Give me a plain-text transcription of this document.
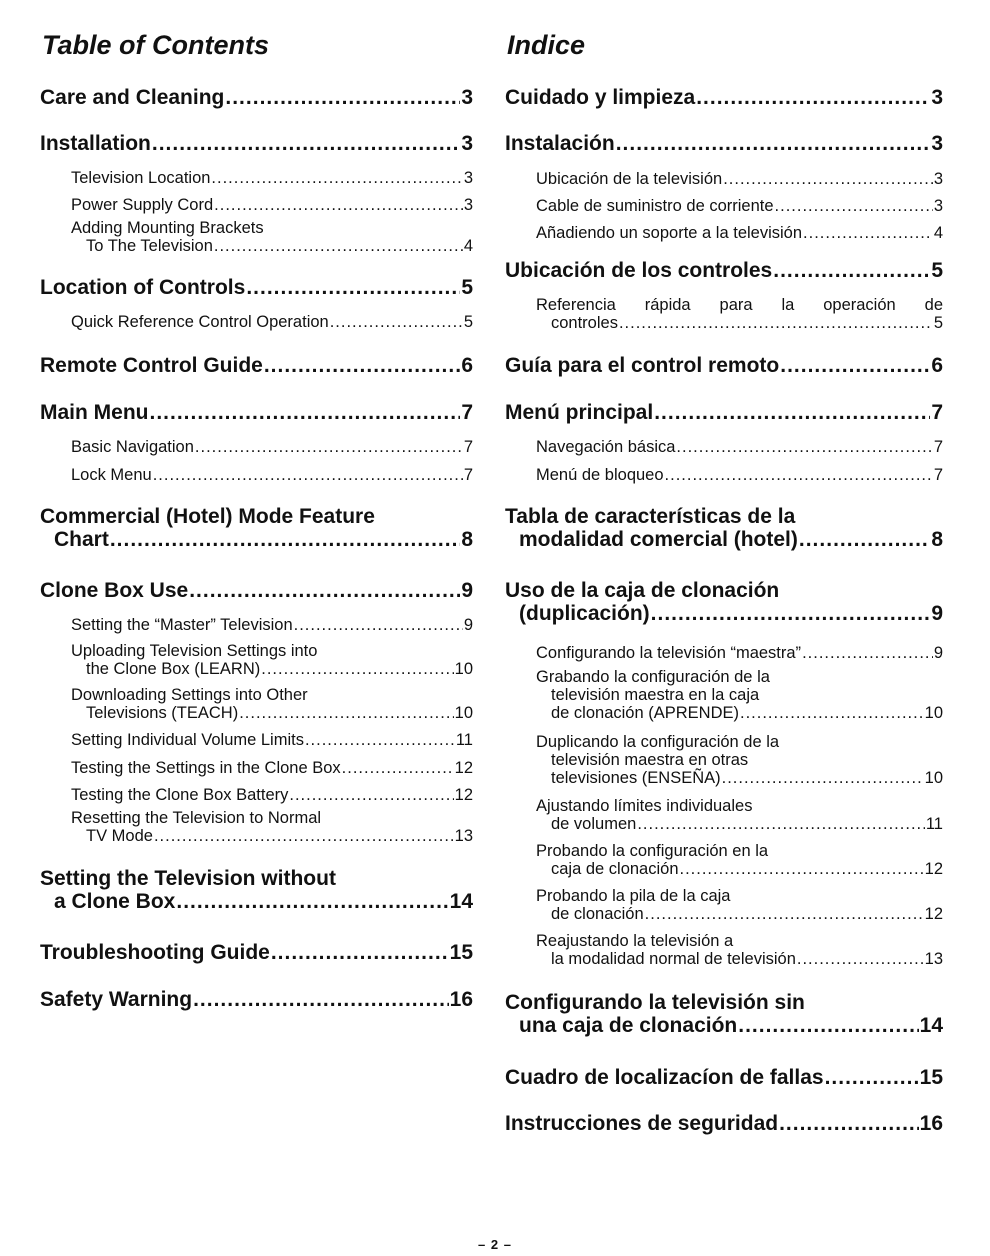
Table of Contents
Care and Cleaning .....	3
Installation .....	3
Television Location .....	3
Power Supply Cord .....	3
Adding Mounting Brackets
To The Television .....	4
Location of Controls .....	5
Quick Reference Control Operation .....	5
Remote Control Guide .....	6
Main Menu .....	7
Basic Navigation .....	7
Lock Menu .....	7
Commercial (Hotel) Mode Feature
Chart .....	8
Clone Box Use .....	9
Setting the “Master” Television .....	9
Uploading Television Settings into
the Clone Box (LEARN) .....	10
Downloading Settings into Other
Televisions (TEACH) .....	10
Setting Individual Volume Limits .....	11
Testing the Settings in the Clone Box .....	12
Testing the Clone Box Battery .....	12
Resetting the Television to Normal
TV Mode .....	13
Setting the Television without
a Clone Box .....	14
Troubleshooting Guide .....	15
Safety Warning .....	16
Indice
Cuidado y limpieza .....	3
Instalación .....	3
Ubicación de la televisión .....	3
Cable de suministro de corriente .....	3
Añadiendo un soporte a la televisión .....	4
Ubicación de los controles .....	5
Referencia rápida para la operación de
controles .....	5
Guía para el control remoto .....	6
Menú principal .....	7
Navegación básica .....	7
Menú de bloqueo .....	7
Tabla de características de la
modalidad comercial (hotel) .....	8
Uso de la caja de clonación
(duplicación) .....	9
Configurando la televisión “maestra” .....	9
Grabando la configuración de la
televisión maestra en la caja
de clonación (APRENDE) .....	10
Duplicando la configuración de la
televisión maestra en otras
televisiones (ENSEÑA) .....	10
Ajustando límites individuales
de volumen .....	11
Probando la configuración en la
caja de clonación .....	12
Probando la pila de la caja
de clonación .....	12
Reajustando la televisión a
la modalidad normal de televisión .....	13
Configurando la televisión sin
una caja de clonación .....	14
Cuadro de localizacíon de fallas .....	15
Instrucciones de seguridad .....	16
– 2 –
